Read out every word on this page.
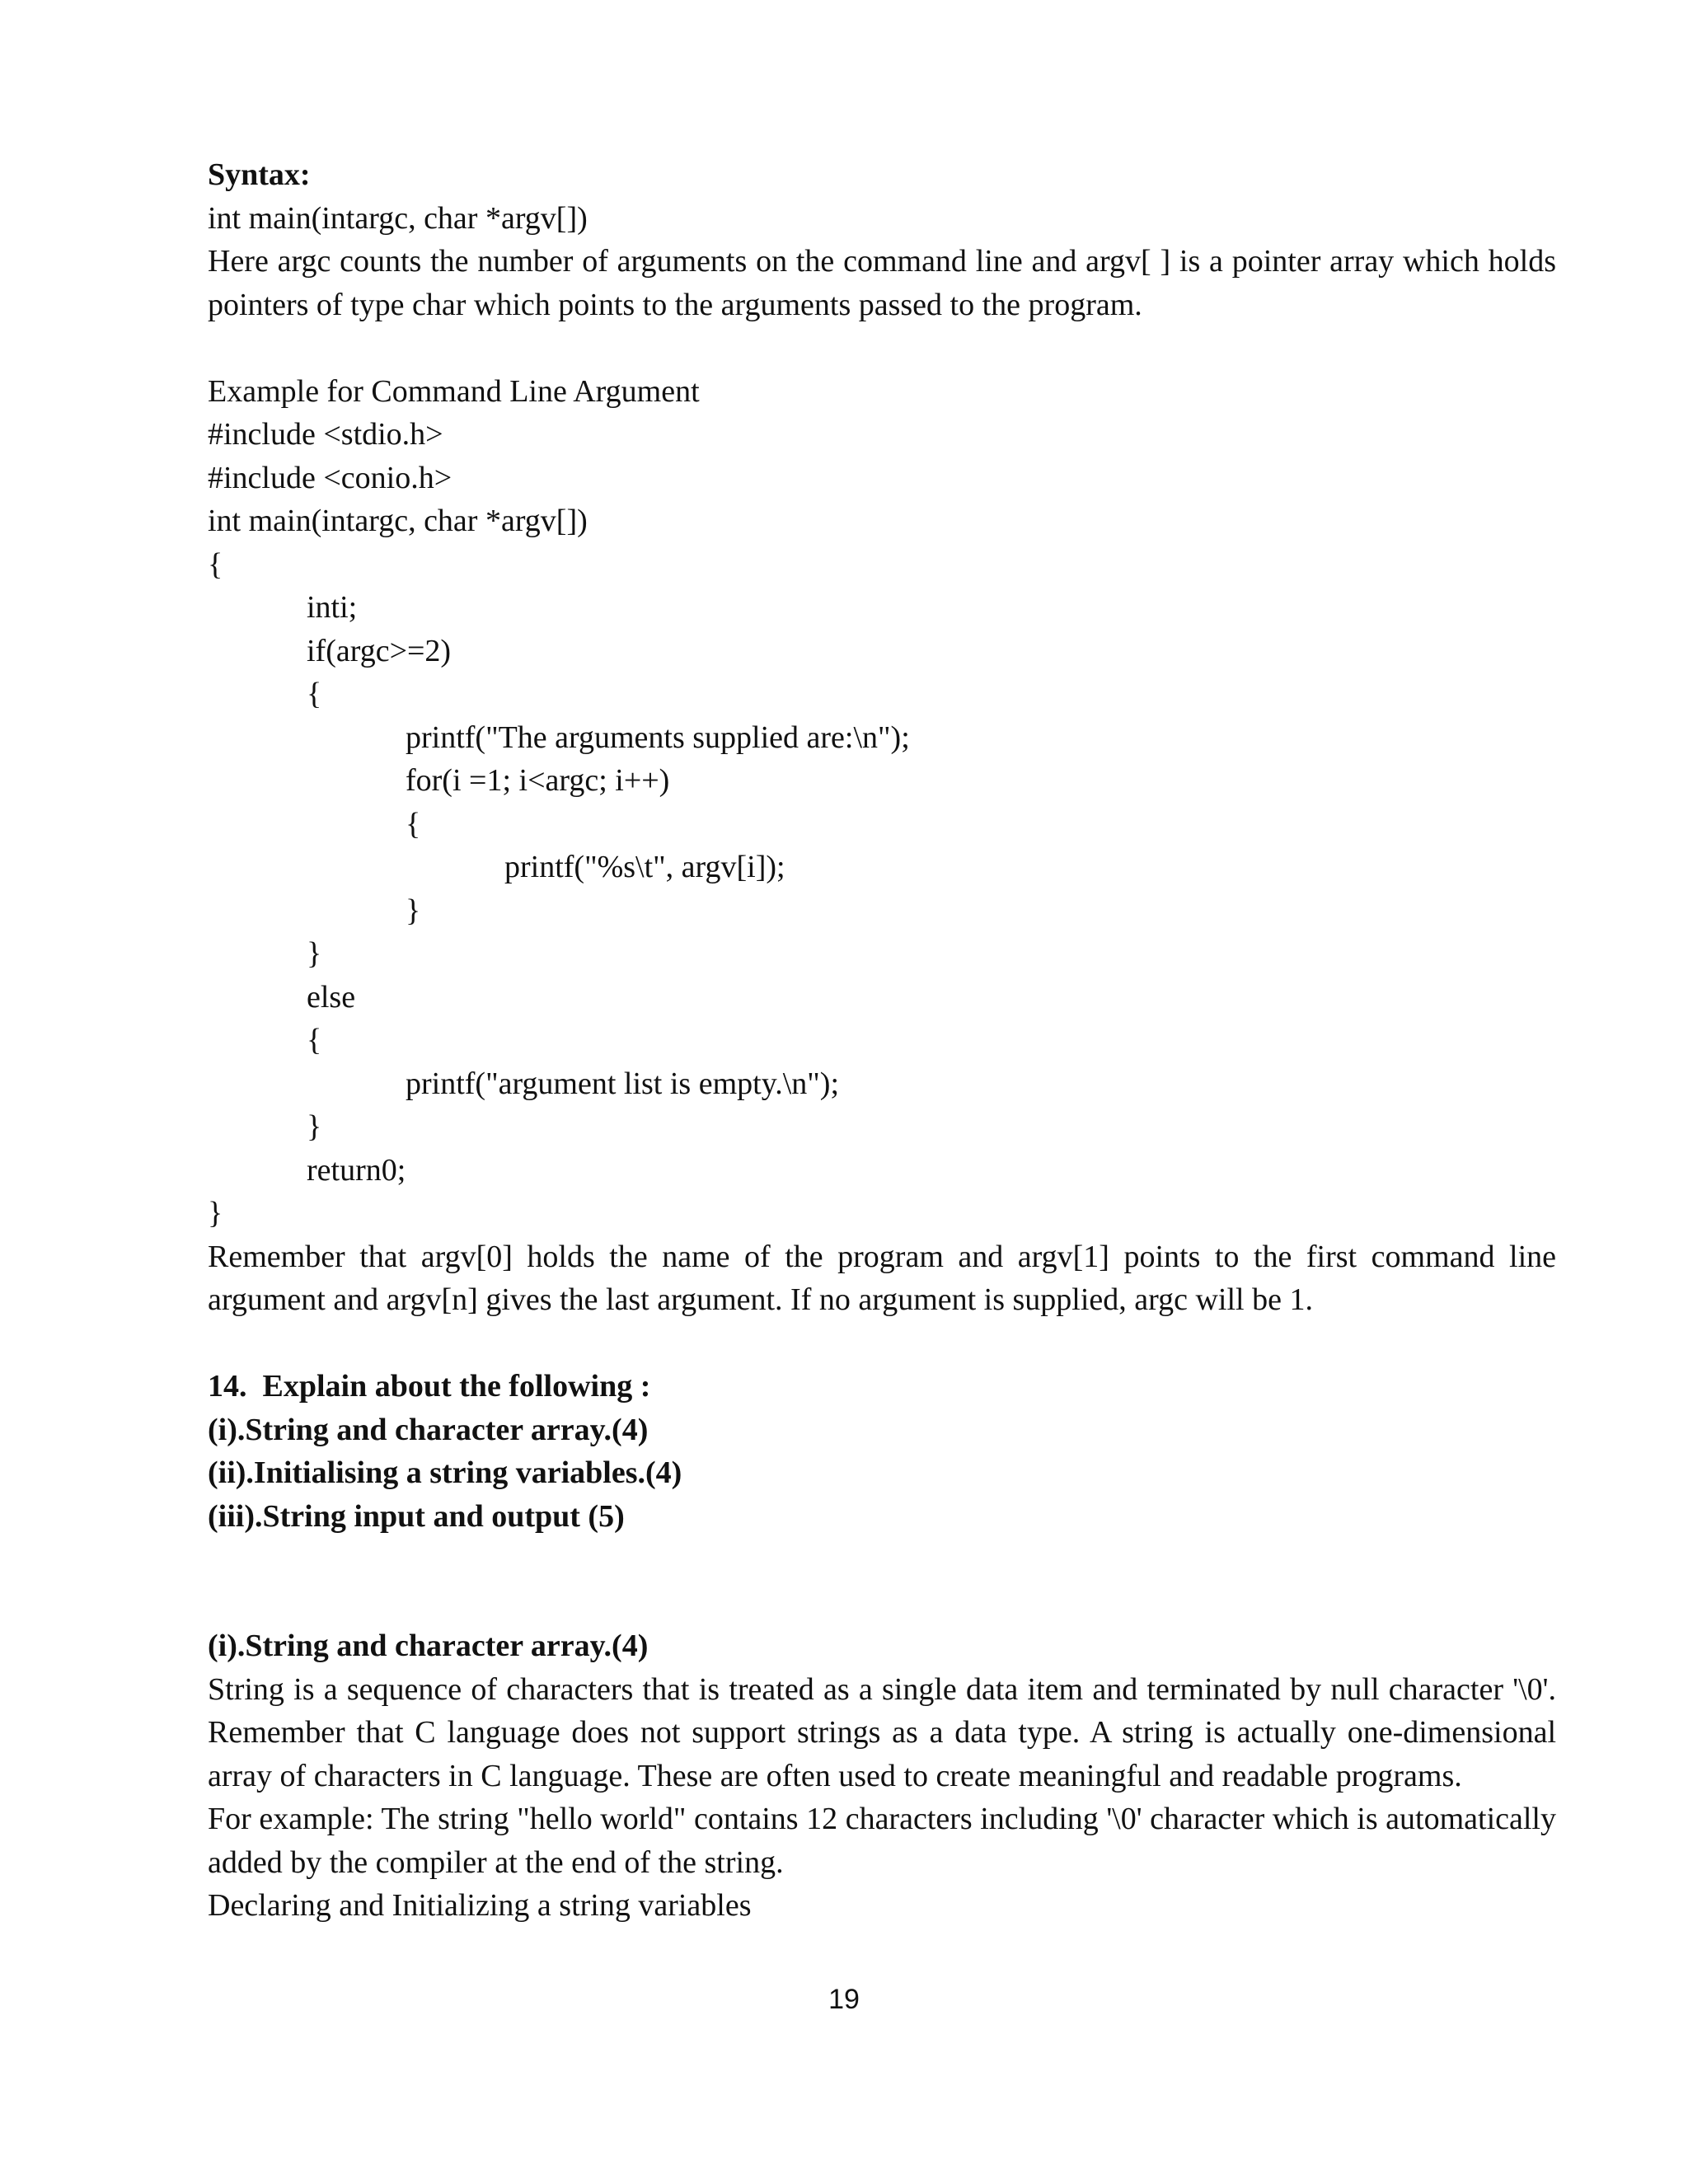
Syntax:
int main(intargc, char *argv[])

Here argc counts the number of arguments on the command line and argv[ ] is a pointer array which holds pointers of type char which points to the arguments passed to the program.

Example for Command Line Argument
#include <stdio.h>
#include <conio.h>
int main(intargc, char *argv[])
{
inti;
if(argc>=2)
{
printf("The arguments supplied are:\n");
for(i =1; i<argc; i++)
{
printf("%s\t", argv[i]);
}
}
else
{
printf("argument list is empty.\n");
}
return0;
}

Remember that argv[0] holds the name of the program and argv[1] points to the first command line argument and argv[n] gives the last argument. If no argument is supplied, argc will be 1.

14.  Explain about the following :
(i).String and character array.(4)
(ii).Initialising a string variables.(4)
(iii).String input and output (5)
(i).String and character array.(4)

String is a sequence of characters that is treated as a single data item and terminated by null character '\0'. Remember that C language does not support strings as a data type. A string is actually one-dimensional array of characters in C language. These are often used to create meaningful and readable programs.

For example: The string "hello world" contains 12 characters including '\0' character which is automatically added by the compiler at the end of the string.

Declaring and Initializing a string variables
19
